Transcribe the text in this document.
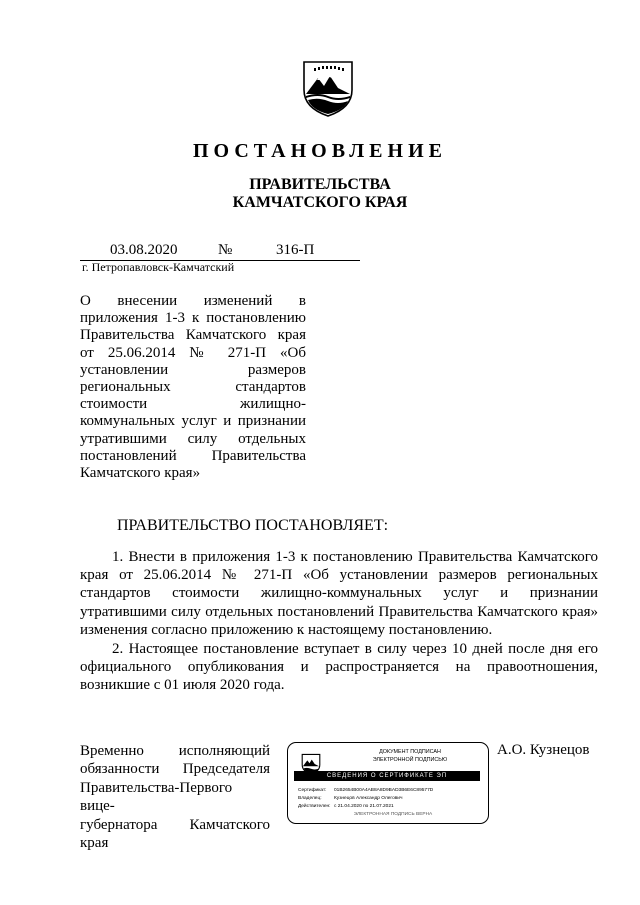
ПОСТАНОВЛЕНИЕ
ПРАВИТЕЛЬСТВА
КАМЧАТСКОГО КРАЯ
03.08.2020	№	316-П
г. Петропавловск-Камчатский
О внесении изменений в приложения 1-3 к постановлению Правительства Камчатского края от 25.06.2014 № 271-П «Об установлении размеров региональных стандартов стоимости жилищно-коммунальных услуг и признании утратившими силу отдельных постановлений Правительства Камчатского края»
ПРАВИТЕЛЬСТВО ПОСТАНОВЛЯЕТ:
1. Внести в приложения 1-3 к постановлению Правительства Камчатского края от 25.06.2014 № 271-П «Об установлении размеров региональных стандартов стоимости жилищно-коммунальных услуг и признании утратившими силу отдельных постановлений Правительства Камчатского края» изменения согласно приложению к настоящему постановлению.
2. Настоящее постановление вступает в силу через 10 дней после дня его официального опубликования и распространяется на правоотношения, возникшие с 01 июля 2020 года.
Временно исполняющий обязанности Председателя Правительства-Первого вице-
губернатора Камчатского края
А.О. Кузнецов
ДОКУМЕНТ ПОДПИСАН
ЭЛЕКТРОННОЙ ПОДПИСЬЮ
СВЕДЕНИЯ О СЕРТИФИКАТЕ ЭП
Сертификат: 01B2654B00A4AB8A8D9BAD3B6E6C89577D
Владелец:	Кузнецов Александр Олегович
Действителен: с 21.04.2020 по 21.07.2021
ЭЛЕКТРОННАЯ ПОДПИСЬ ВЕРНА
